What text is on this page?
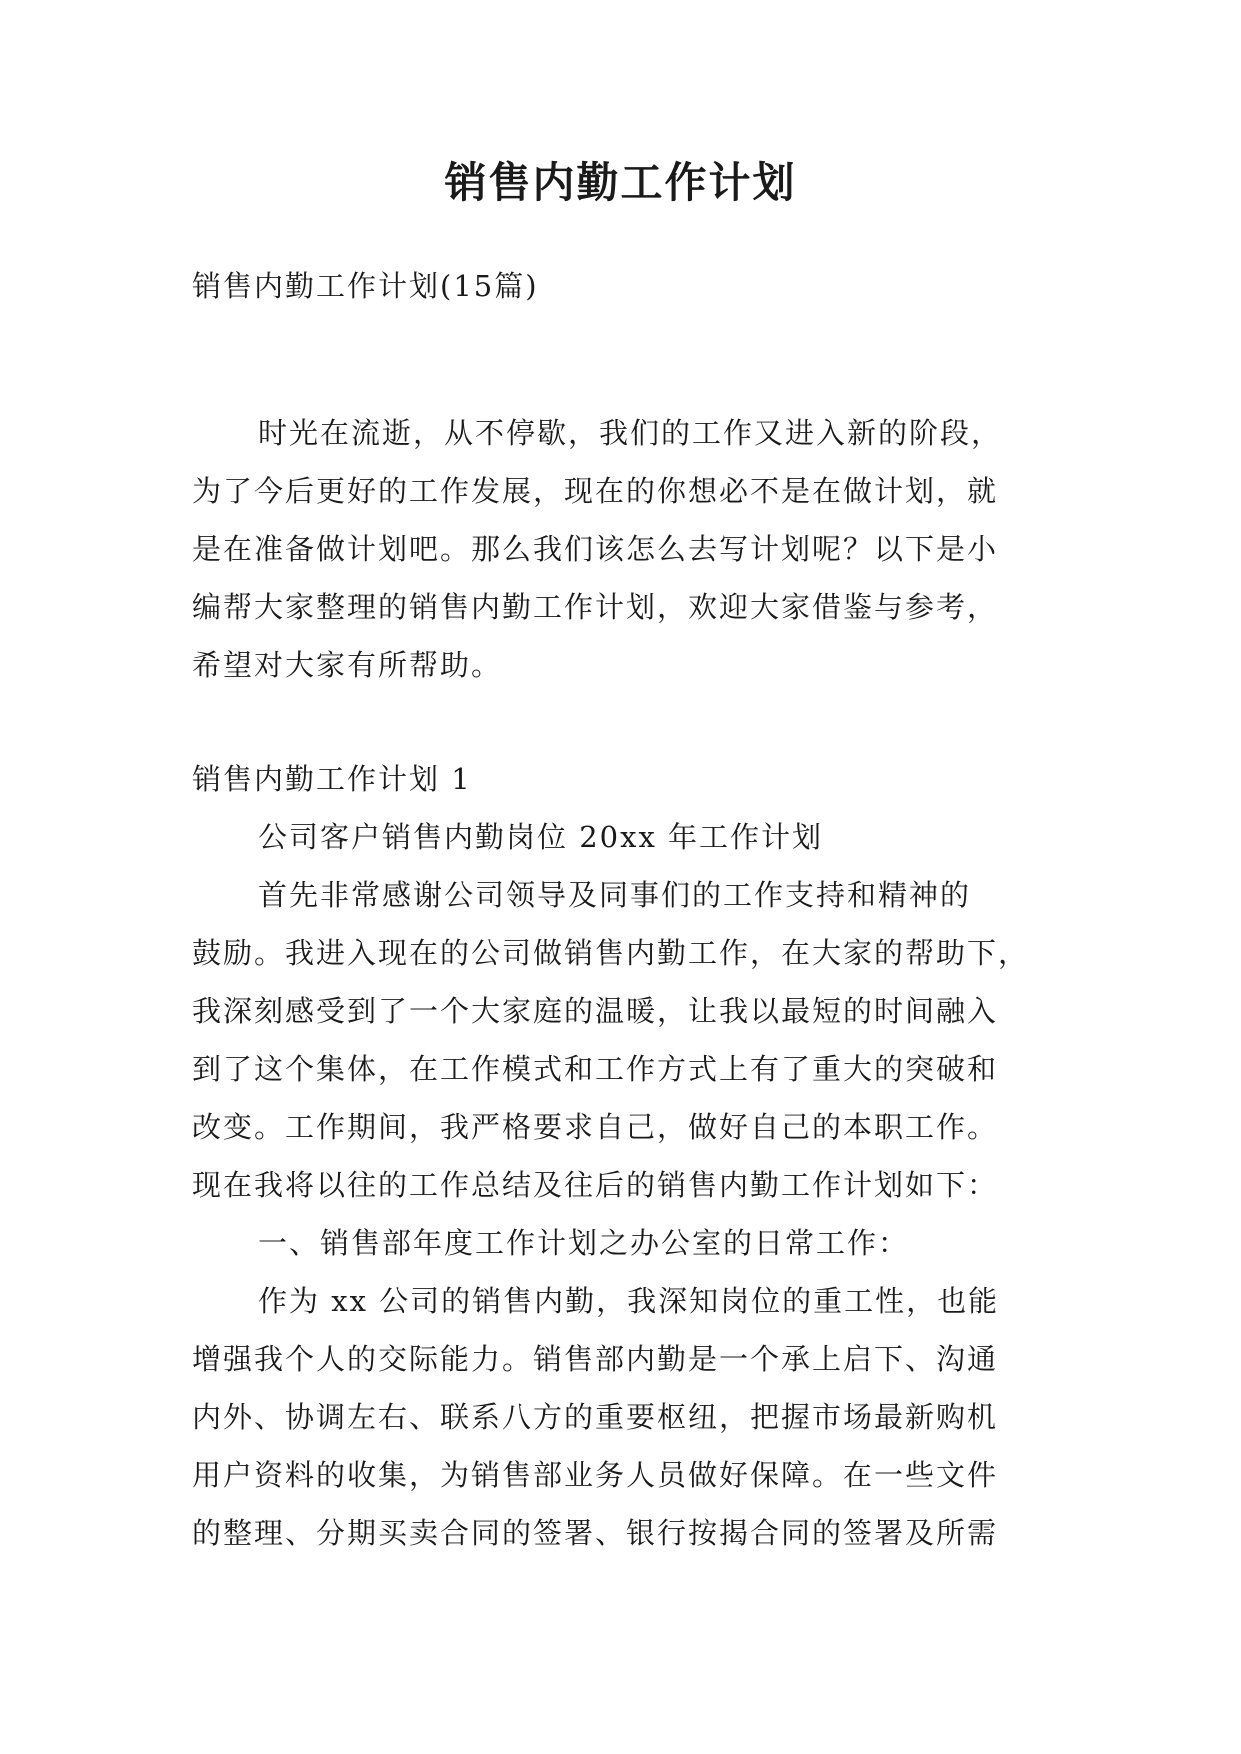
销售内勤工作计划

销售内勤工作计划(15篇)

时光在流逝，从不停歇，我们的工作又进入新的阶段，
为了今后更好的工作发展，现在的你想必不是在做计划，就
是在准备做计划吧。那么我们该怎么去写计划呢？以下是小
编帮大家整理的销售内勤工作计划，欢迎大家借鉴与参考，
希望对大家有所帮助。
销售内勤工作计划 1
公司客户销售内勤岗位 20xx 年工作计划
首先非常感谢公司领导及同事们的工作支持和精神的
鼓励。我进入现在的公司做销售内勤工作，在大家的帮助下，
我深刻感受到了一个大家庭的温暖，让我以最短的时间融入
到了这个集体，在工作模式和工作方式上有了重大的突破和
改变。工作期间，我严格要求自己，做好自己的本职工作。
现在我将以往的工作总结及往后的销售内勤工作计划如下：
一、销售部年度工作计划之办公室的日常工作：
作为 xx 公司的销售内勤，我深知岗位的重工性，也能
增强我个人的交际能力。销售部内勤是一个承上启下、沟通
内外、协调左右、联系八方的重要枢纽，把握市场最新购机
用户资料的收集，为销售部业务人员做好保障。在一些文件
的整理、分期买卖合同的签署、银行按揭合同的签署及所需
